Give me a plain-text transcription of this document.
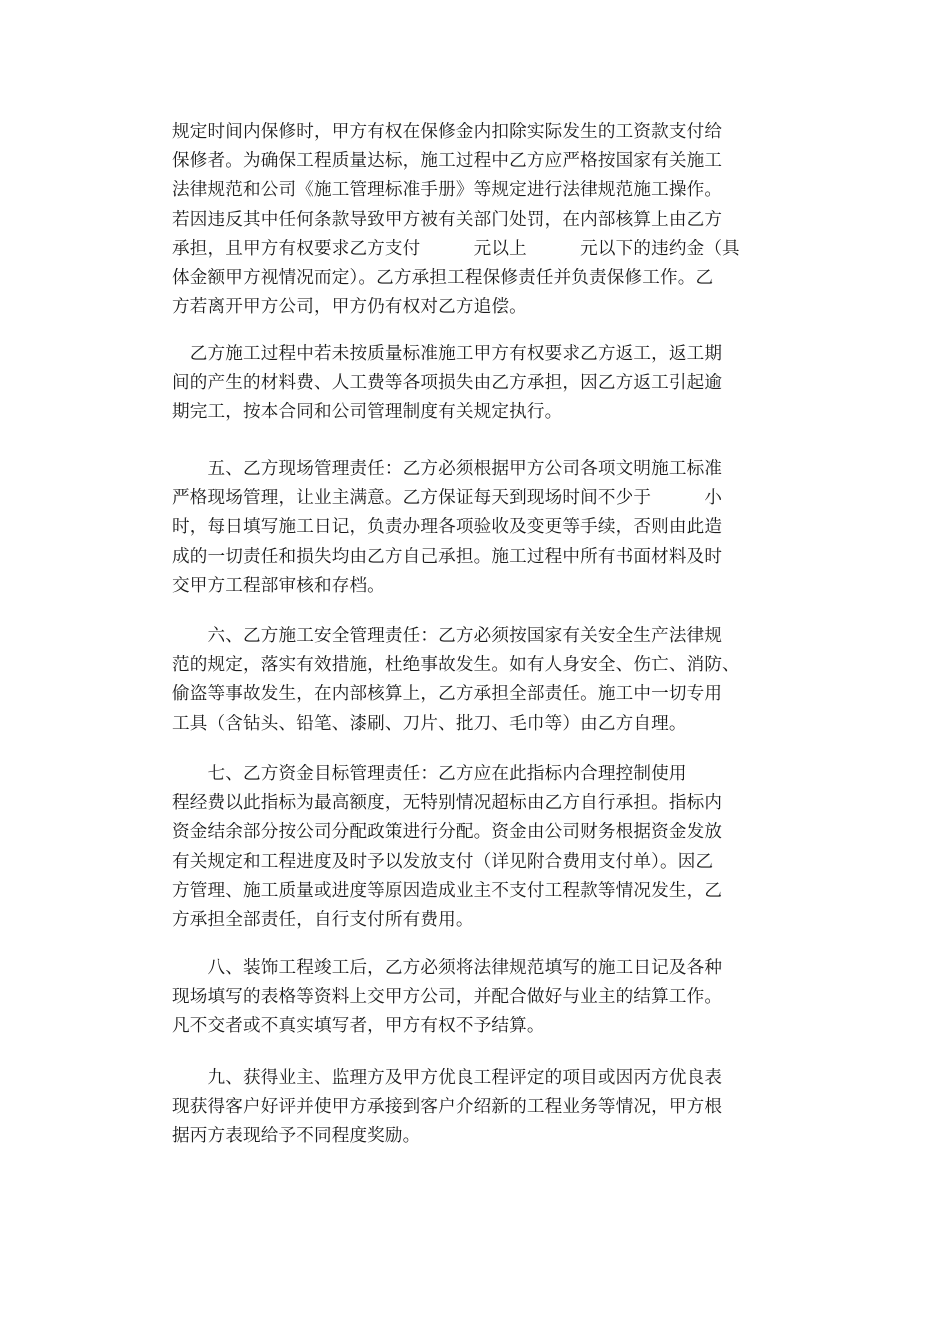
规定时间内保修时，甲方有权在保修金内扣除实际发生的工资款支付给
保修者。为确保工程质量达标，施工过程中乙方应严格按国家有关施工
法律规范和公司《施工管理标准手册》等规定进行法律规范施工操作。
若因违反其中任何条款导致甲方被有关部门处罚，在内部核算上由乙方
承担，且甲方有权要求乙方支付　　　元以上　　　元以下的违约金（具
体金额甲方视情况而定）。乙方承担工程保修责任并负责保修工作。乙
方若离开甲方公司，甲方仍有权对乙方追偿。
　乙方施工过程中若未按质量标准施工甲方有权要求乙方返工，返工期
间的产生的材料费、人工费等各项损失由乙方承担，因乙方返工引起逾
期完工，按本合同和公司管理制度有关规定执行。
　　五、乙方现场管理责任：乙方必须根据甲方公司各项文明施工标准
严格现场管理，让业主满意。乙方保证每天到现场时间不少于　　　小
时，每日填写施工日记，负责办理各项验收及变更等手续，否则由此造
成的一切责任和损失均由乙方自己承担。施工过程中所有书面材料及时
交甲方工程部审核和存档。
　　六、乙方施工安全管理责任：乙方必须按国家有关安全生产法律规
范的规定，落实有效措施，杜绝事故发生。如有人身安全、伤亡、消防、
偷盗等事故发生，在内部核算上，乙方承担全部责任。施工中一切专用
工具（含钻头、铅笔、漆刷、刀片、批刀、毛巾等）由乙方自理。
　　七、乙方资金目标管理责任：乙方应在此指标内合理控制使用
程经费以此指标为最高额度，无特别情况超标由乙方自行承担。指标内
资金结余部分按公司分配政策进行分配。资金由公司财务根据资金发放
有关规定和工程进度及时予以发放支付（详见附合费用支付单）。因乙
方管理、施工质量或进度等原因造成业主不支付工程款等情况发生，乙
方承担全部责任，自行支付所有费用。
　　八、装饰工程竣工后，乙方必须将法律规范填写的施工日记及各种
现场填写的表格等资料上交甲方公司，并配合做好与业主的结算工作。
凡不交者或不真实填写者，甲方有权不予结算。
　　九、获得业主、监理方及甲方优良工程评定的项目或因丙方优良表
现获得客户好评并使甲方承接到客户介绍新的工程业务等情况，甲方根
据丙方表现给予不同程度奖励。
